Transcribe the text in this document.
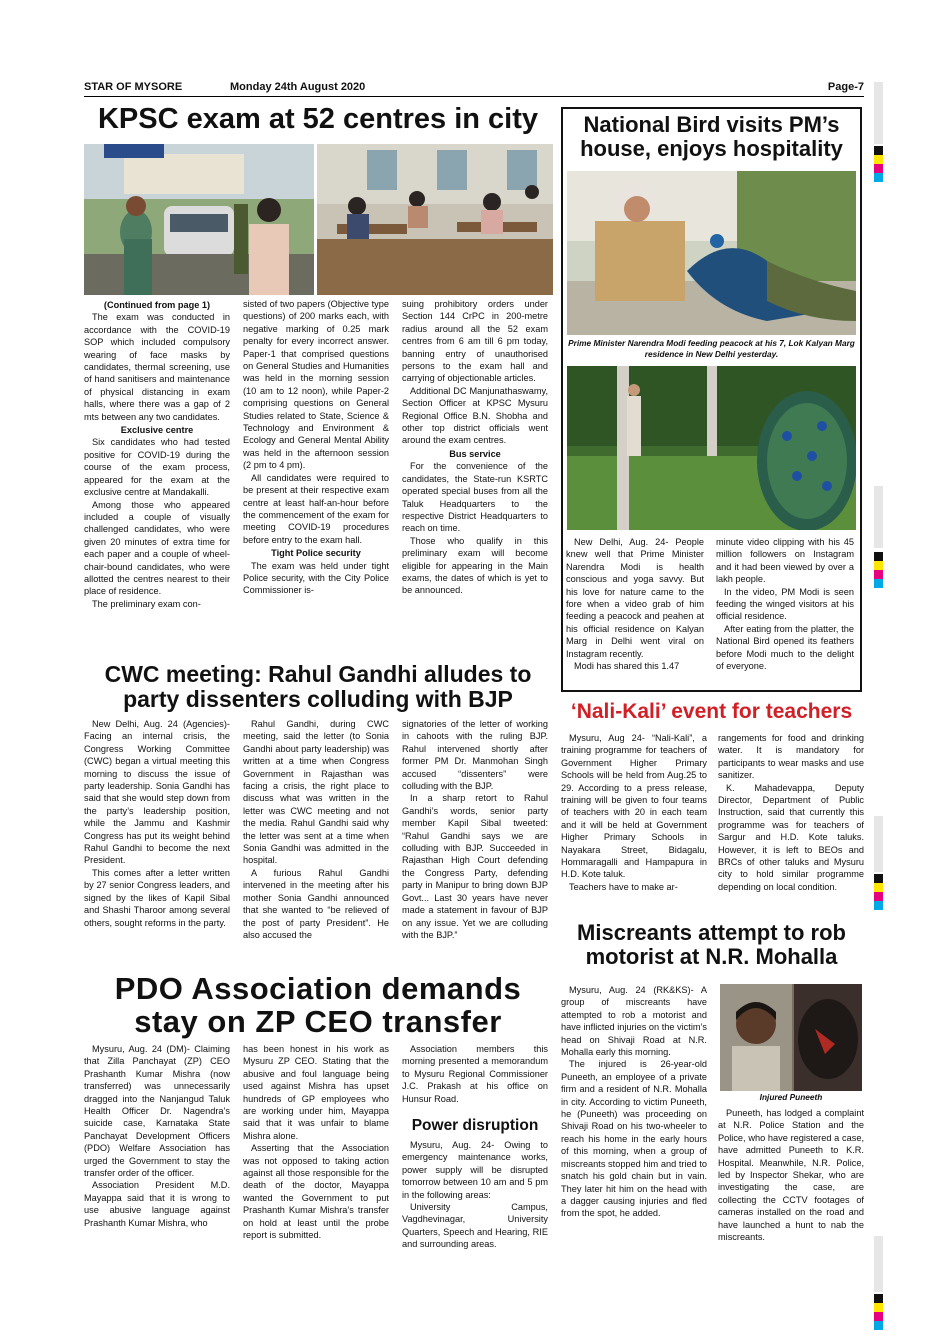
STAR OF MYSORE	Monday 24th August 2020	Page-7
KPSC exam at 52 centres in city
(Continued from page 1)

The exam was conducted in accordance with the COVID-19 SOP which included compulsory wearing of face masks by candidates, thermal screening, use of hand sanitisers and maintenance of physical distancing in exam halls, where there was a gap of 2 mts between any two candidates.

Exclusive centre

Six candidates who had tested positive for COVID-19 during the course of the exam process, appeared for the exam at the exclusive centre at Mandakalli.

Among those who appeared included a couple of visually challenged candidates, who were given 20 minutes of extra time for each paper and a couple of wheel-chair-bound candidates, who were allotted the centres nearest to their place of residence.

The preliminary exam con-

sisted of two papers (Objective type questions) of 200 marks each, with negative marking of 0.25 mark penalty for every incorrect answer. Paper-1 that comprised questions on General Studies and Humanities was held in the morning session (10 am to 12 noon), while Paper-2 comprising questions on General Studies related to State, Science & Technology and Environment & Ecology and General Mental Ability was held in the afternoon session (2 pm to 4 pm).

All candidates were required to be present at their respective exam centre at least half-an-hour before the commencement of the exam for meeting COVID-19 procedures before entry to the exam hall.

Tight Police security

The exam was held under tight Police security, with the City Police Commissioner is-

suing prohibitory orders under Section 144 CrPC in 200-metre radius around all the 52 exam centres from 6 am till 6 pm today, banning entry of unauthorised persons to the exam hall and carrying of objectionable articles.

Additional DC Manjunathaswamy, Section Officer at KPSC Mysuru Regional Office B.N. Shobha and other top district officials went around the exam centres.

Bus service

For the convenience of the candidates, the State-run KSRTC operated special buses from all the Taluk Headquarters to the respective District Headquarters to reach on time.

Those who qualify in this preliminary exam will become eligible for appearing in the Main exams, the dates of which is yet to be announced.

National Bird visits PM’s house, enjoys hospitality
Prime Minister Narendra Modi feeding peacock at his 7, Lok Kalyan Marg residence in New Delhi yesterday.

New Delhi, Aug. 24- People knew well that Prime Minister Narendra Modi is health conscious and yoga savvy. But his love for nature came to the fore when a video grab of him feeding a peacock and peahen at his official residence on Kalyan Marg in Delhi went viral on Instagram recently.

Modi has shared this 1.47

minute video clipping with his 45 million followers on Instagram and it had been viewed by over a lakh people.

In the video, PM Modi is seen feeding the winged visitors at his official residence.

After eating from the platter, the National Bird opened its feathers before Modi much to the delight of everyone.

CWC meeting: Rahul Gandhi alludes to party dissenters colluding with BJP

New Delhi, Aug. 24 (Agencies)- Facing an internal crisis, the Congress Working Committee (CWC) began a virtual meeting this morning to discuss the issue of party leadership. Sonia Gandhi has said that she would step down from the party’s leadership position, while the Jammu and Kashmir Congress has put its weight behind Rahul Gandhi to become the next President.

This comes after a letter written by 27 senior Congress leaders, and signed by the likes of Kapil Sibal and Shashi Tharoor among several others, sought reforms in the party.

Rahul Gandhi, during CWC meeting, said the letter (to Sonia Gandhi about party leadership) was written at a time when Congress Government in Rajasthan was facing a crisis, the right place to discuss what was written in the letter was CWC meeting and not the media. Rahul Gandhi said why the letter was sent at a time when Sonia Gandhi was admitted in the hospital.

A furious Rahul Gandhi intervened in the meeting after his mother Sonia Gandhi announced that she wanted to “be relieved of the post of party President”. He also accused the

signatories of the letter of working in cahoots with the ruling BJP. Rahul intervened shortly after former PM Dr. Manmohan Singh accused “dissenters” were colluding with the BJP.

In a sharp retort to Rahul Gandhi’s words, senior party member Kapil Sibal tweeted: “Rahul Gandhi says we are colluding with BJP. Succeeded in Rajasthan High Court defending the Congress Party, defending party in Manipur to bring down BJP Govt... Last 30 years have never made a statement in favour of BJP on any issue. Yet we are colluding with the BJP.”

‘Nali-Kali’ event for teachers

Mysuru, Aug 24- “Nali-Kali”, a training programme for teachers of Government Higher Primary Schools will be held from Aug.25 to 29. According to a press release, training will be given to four teams of teachers with 20 in each team and it will be held at Government Higher Primary Schools in Nayakara Street, Bidagalu, Hommaragalli and Hampapura in H.D. Kote taluk.

Teachers have to make ar-

rangements for food and drinking water. It is mandatory for participants to wear masks and use sanitizer.

K. Mahadevappa, Deputy Director, Department of Public Instruction, said that currently this programme was for teachers of Sargur and H.D. Kote taluks. However, it is left to BEOs and BRCs of other taluks and Mysuru city to hold similar programme depending on local condition.

PDO Association demands stay on ZP CEO transfer

Mysuru, Aug. 24 (DM)- Claiming that Zilla Panchayat (ZP) CEO Prashanth Kumar Mishra (now transferred) was unnecessarily dragged into the Nanjangud Taluk Health Officer Dr. Nagendra’s suicide case, Karnataka State Panchayat Development Officers (PDO) Welfare Association has urged the Government to stay the transfer order of the officer.

Association President M.D. Mayappa said that it is wrong to use abusive language against Prashanth Kumar Mishra, who

has been honest in his work as Mysuru ZP CEO. Stating that the abusive and foul language being used against Mishra has upset hundreds of GP employees who are working under him, Mayappa said that it was unfair to blame Mishra alone.

Asserting that the Association was not opposed to taking action against all those responsible for the death of the doctor, Mayappa wanted the Government to put Prashanth Kumar Mishra’s transfer on hold at least until the probe report is submitted.

Association members this morning presented a memorandum to Mysuru Regional Commissioner J.C. Prakash at his office on Hunsur Road.

Power disruption

Mysuru, Aug. 24- Owing to emergency maintenance works, power supply will be disrupted tomorrow between 10 am and 5 pm in the following areas:

University Campus, Vagdhevinagar, University Quarters, Speech and Hearing, RIE and surrounding areas.

Miscreants attempt to rob motorist at N.R. Mohalla
Injured Puneeth

Mysuru, Aug. 24 (RK&KS)- A group of miscreants have attempted to rob a motorist and have inflicted injuries on the victim’s head on Shivaji Road at N.R. Mohalla early this morning.

The injured is 26-year-old Puneeth, an employee of a private firm and a resident of N.R. Mohalla in city. According to victim Puneeth, he (Puneeth) was proceeding on Shivaji Road on his two-wheeler to reach his home in the early hours of this morning, when a group of miscreants stopped him and tried to snatch his gold chain but in vain. They later hit him on the head with a dagger causing injuries and fled from the spot, he added.

Puneeth, has lodged a complaint at N.R. Police Station and the Police, who have registered a case, have admitted Puneeth to K.R. Hospital. Meanwhile, N.R. Police, led by Inspector Shekar, who are investigating the case, are collecting the CCTV footages of cameras installed on the road and have launched a hunt to nab the miscreants.
